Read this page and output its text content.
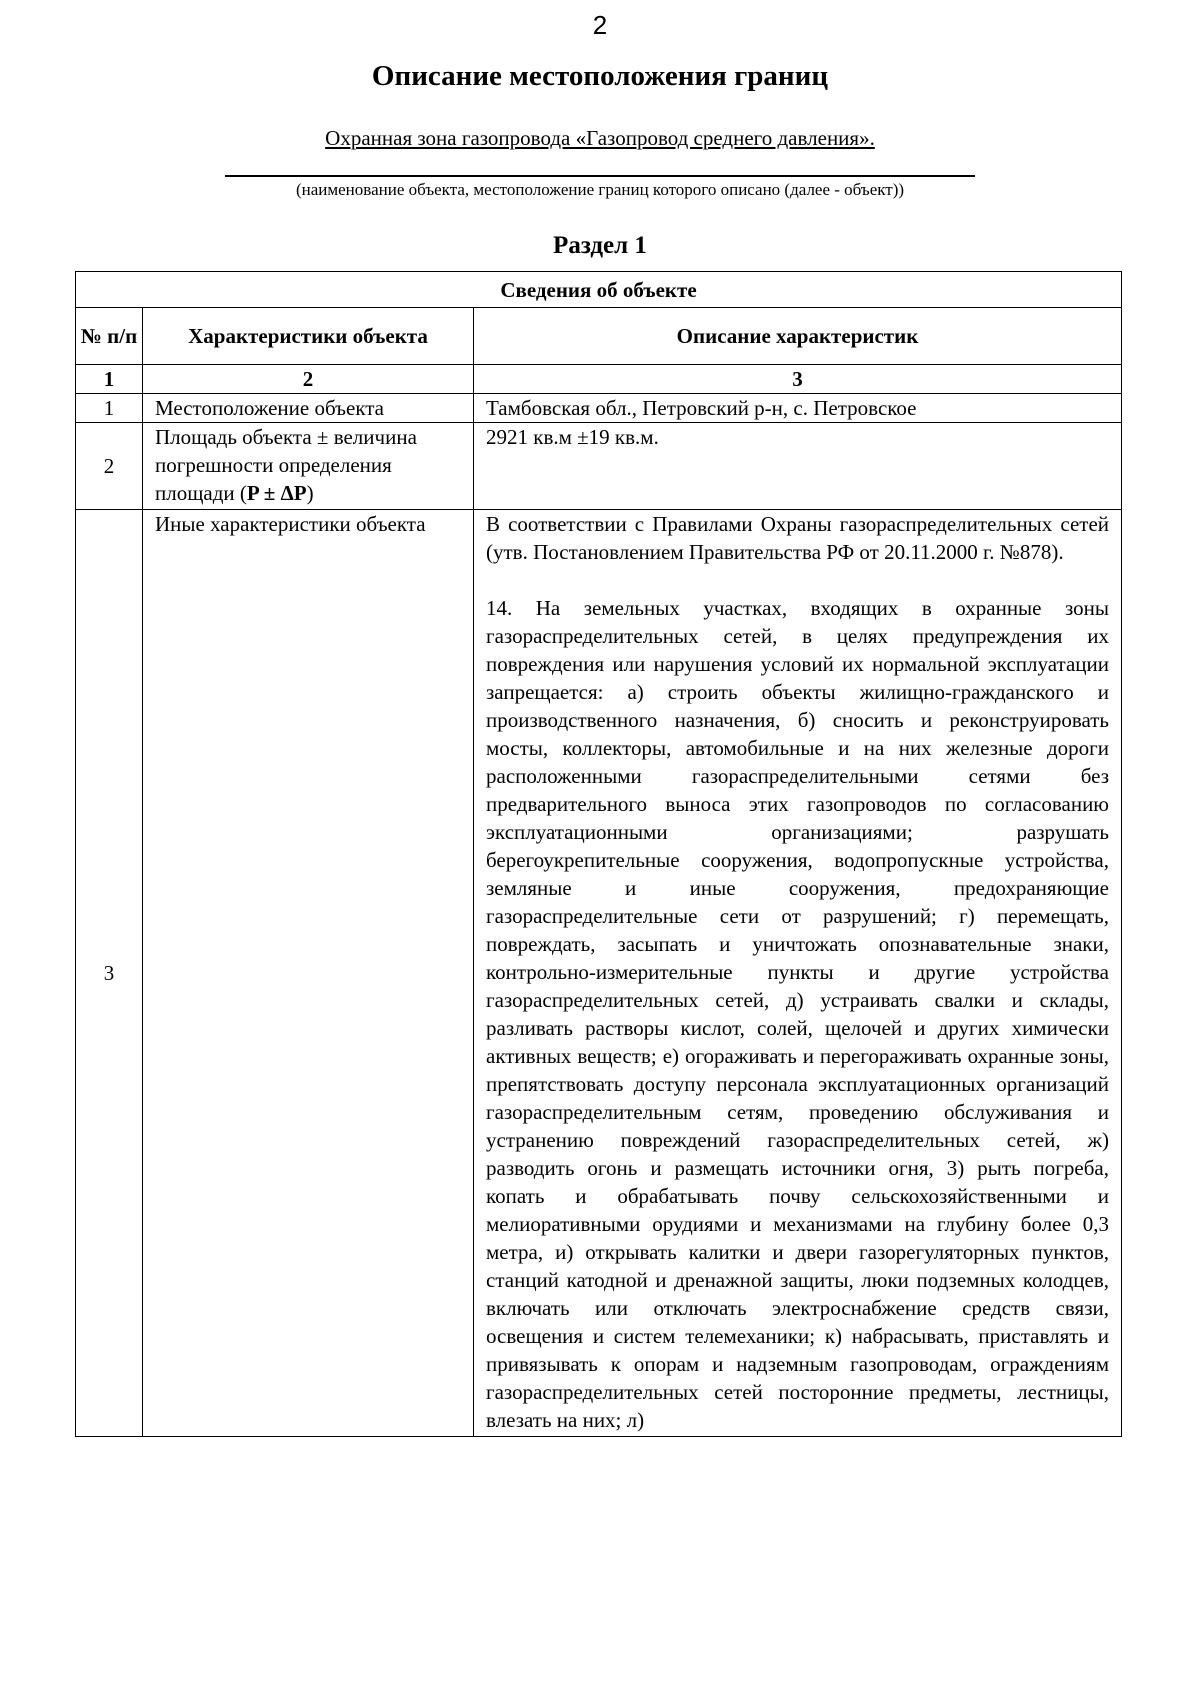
2
Описание местоположения границ
Охранная зона газопровода «Газопровод среднего давления».
(наименование объекта, местоположение границ которого описано (далее - объект))
Раздел 1
Сведения об объекте		
№ п/п	Характеристики объекта	Описание характеристик
1	2	3
1	Местоположение объекта	Тамбовская обл., Петровский р-н, с. Петровское
2	Площадь объекта ± величина погрешности определения площади (P ± ΔP)	2921 кв.м ±19 кв.м.
3	Иные характеристики объекта	В соответствии с Правилами Охраны газораспределительных сетей (утв. Постановлением Правительства РФ от 20.11.2000 г. №878).
14. На земельных участках, входящих в охранные зоны газораспределительных сетей, в целях предупреждения их повреждения или нарушения условий их нормальной эксплуатации запрещается: а) строить объекты жилищно-гражданского и производственного назначения, б) сносить и реконструировать мосты, коллекторы, автомобильные и на них железные дороги расположенными газораспределительными сетями без предварительного выноса этих газопроводов по согласованию эксплуатационными организациями; разрушать берегоукрепительные сооружения, водопропускные устройства, земляные и иные сооружения, предохраняющие газораспределительные сети от разрушений; г) перемещать, повреждать, засыпать и уничтожать опознавательные знаки, контрольно-измерительные пункты и другие устройства газораспределительных сетей, д) устраивать свалки и склады, разливать растворы кислот, солей, щелочей и других химически активных веществ; е) огораживать и перегораживать охранные зоны, препятствовать доступу персонала эксплуатационных организаций газораспределительным сетям, проведению обслуживания и устранению повреждений газораспределительных сетей, ж) разводить огонь и размещать источники огня, 3) рыть погреба, копать и обрабатывать почву сельскохозяйственными и мелиоративными орудиями и механизмами на глубину более 0,3 метра, и) открывать калитки и двери газорегуляторных пунктов, станций катодной и дренажной защиты, люки подземных колодцев, включать или отключать электроснабжение средств связи, освещения и систем телемеханики; к) набрасывать, приставлять и привязывать к опорам и надземным газопроводам, ограждениям газораспределительных сетей посторонние предметы, лестницы, влезать на них; л)
